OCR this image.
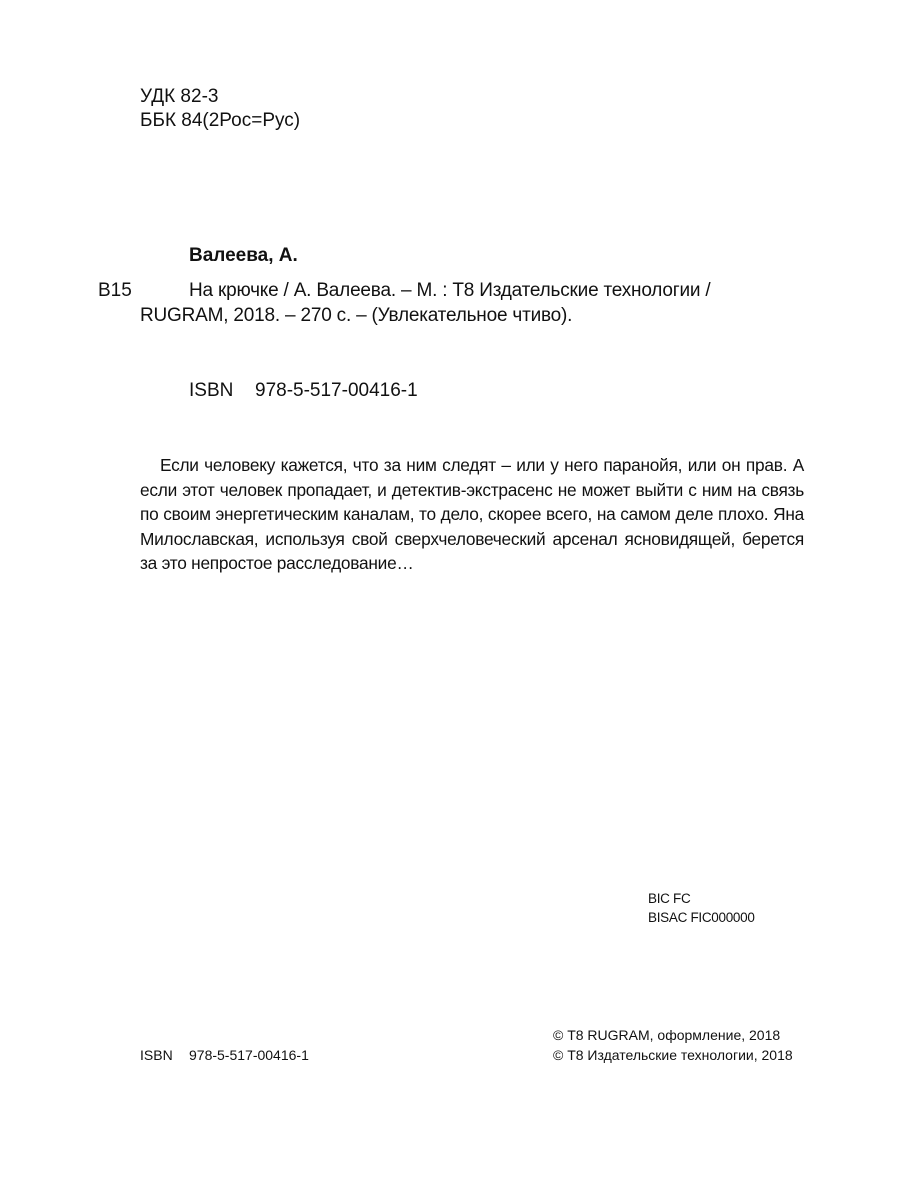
УДК 82-3
ББК 84(2Рос=Рус)
Валеева, А.
В15	На крючке / А. Валеева. – М. : Т8 Издательские технологии /
RUGRAM, 2018. – 270 с. – (Увлекательное чтиво).
ISBN 978-5-517-00416-1

Если человеку кажется, что за ним следят – или у него паранойя, или он прав. А если этот человек пропадает, и детектив-экстрасенс не может выйти с ним на связь по своим энергетическим каналам, то дело, скорее всего, на самом деле плохо. Яна Милославская, используя свой сверхчеловеческий арсенал ясновидящей, берется за это непростое расследование…

BIC FC
BISAC FIC000000
© Т8 RUGRAM, оформление, 2018
ISBN 978-5-517-00416-1	© Т8 Издательские технологии, 2018
